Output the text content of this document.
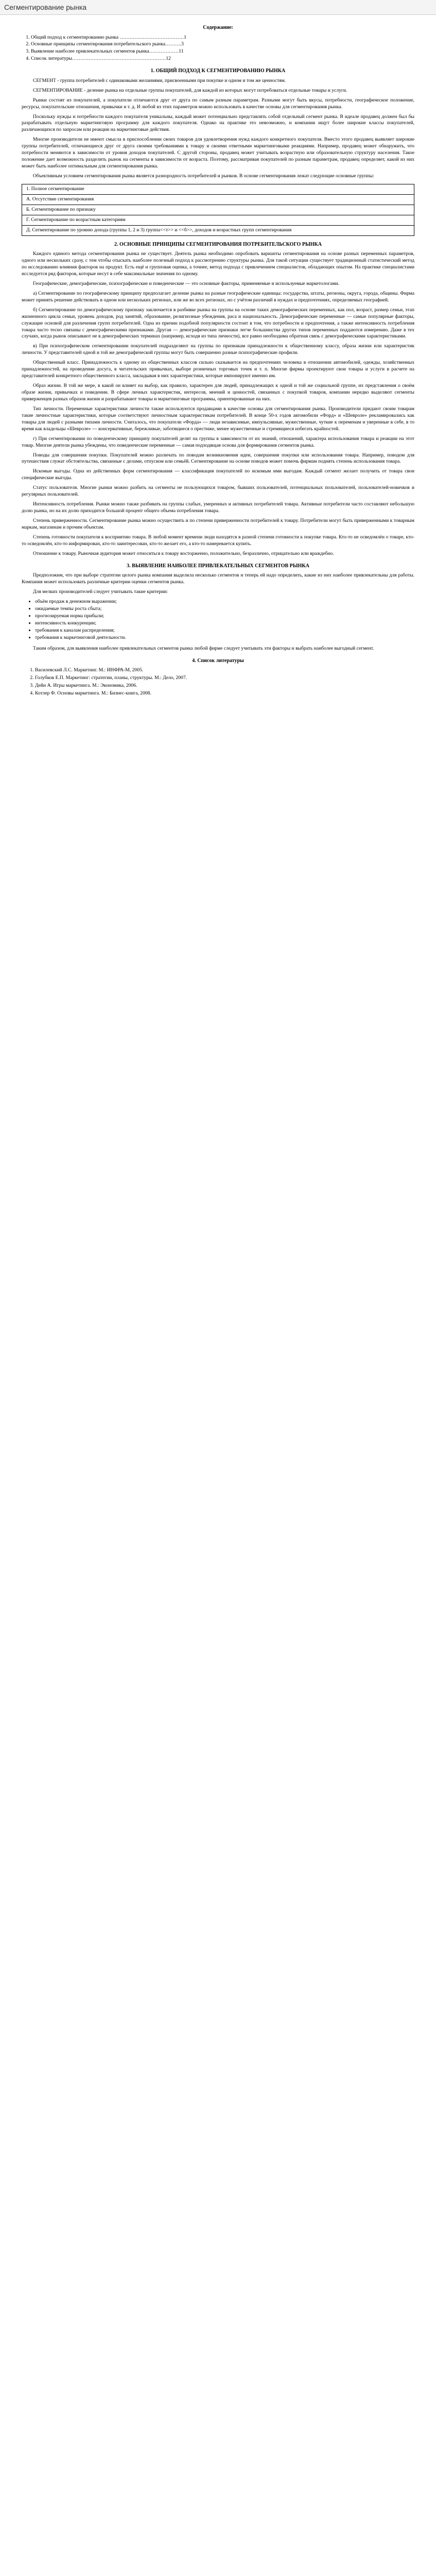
Сегментирование рынка
Содержание:
1. Общий подход к сегментированию рынка …………………………………1
2. Основные принципы сегментирования потребительского рынка……….3
3. Выявление наиболее привлекательных сегментов рынка………………11
4. Список литературы…………………………………………………12
1. ОБЩИЙ ПОДХОД К СЕГМЕНТИРОВАНИЮ РЫНКА

СЕГМЕНТ - группа потребителей с одинаковыми желаниями, присвоенными при покупке и одном и том же ценностям.

СЕГМЕНТИРОВАНИЕ - деление рынка на отдельные группы покупателей, для каждой из которых могут потребоваться отдельные товары и услуги.

Рынки состоят из покупателей, а покупатели отличаются друг от друга по самым разным параметрам. Разными могут быть вкусы, потребности, географическое положение, ресурсы, покупательские отношения, привычки и т. д. И любой из этих параметров можно использовать в качестве основы для сегментирования рынка.

Поскольку нужды и потребности каждого покупателя уникальны, каждый может потенциально представлять собой отдельный сегмент рынка. В идеале продавец должен был бы разрабатывать отдельную маркетинговую программу для каждого покупателя. Однако на практике это невозможно, и компании ищут более широкие классы покупателей, различающихся по запросам или реакции на маркетинговые действия.

Многие производители не имеют смысла в приспособлении своих товаров для удовлетворения нужд каждого конкретного покупателя. Вместо этого продавец выявляет широкие группы потребителей, отличающиеся друг от друга своими требованиями к товару и своими ответными маркетинговыми реакциями. Например, продавец может обнаружить, что потребности меняются в зависимости от уровня доходов покупателей. С другой стороны, продавец может учитывать возрастную или образовательную структуру населения. Такое положение дает возможность разделить рынок на сегменты в зависимости от возраста. Поэтому, рассматривая покупателей по разным параметрам, продавец определяет, какой из них может быть наиболее оптимальным для сегментирования рынка.

Объективным условием сегментирования рынка является разнородность потребителей и рынков. В основе сегментирования лежат следующие основные группы:

1. Полное сегментирование
А. Отсутствие сегментирования
Б. Сегментирование по признаку
Г. Сегментирование по возрастным категориям
Д. Сегментирование по уровню дохода (группы 1, 2 и 3) группа<<т>> и <<б>>, доходов и возрастных групп сегментирования
2. ОСНОВНЫЕ ПРИНЦИПЫ СЕГМЕНТИРОВАНИЯ ПОТРЕБИТЕЛЬСКОГО РЫНКА

Каждого единого метода сегментирования рынка не существует. Деятель рынка необходимо опробовать варианты сегментирования на основе разных переменных параметров, одного или нескольких сразу, с тем чтобы отыскать наиболее полезный подход к рассмотрению структуры рынка. Для такой ситуации существует традиционный статистический метод по исследованию влияния факторов на продукт. Есть ещё и групповая оценка, а точнее, метод подхода с привлечением специалистов, обладающих опытом. На практике специалистами исследуется ряд факторов, которые несут в себе максимальные значения по одному.

Географические, демографические, психографические и поведенческие — это основные факторы, применяемые и используемые маркетологами.

а) Сегментирование по географическому принципу предполагает деление рынка на разные географические единицы: государства, штаты, регионы, округа, города, общины. Фирма может принять решение действовать в одном или нескольких регионах, или же во всех регионах, но с учётом различий в нуждах и предпочтениях, определяемых географией.

б) Сегментирование по демографическому признаку заключается в разбивке рынка на группы на основе таких демографических переменных, как пол, возраст, размер семьи, этап жизненного цикла семьи, уровень доходов, род занятий, образование, религиозные убеждения, раса и национальность. Демографические переменные — самые популярные факторы, служащие основой для различения групп потребителей. Одна из причин подобной популярности состоит в том, что потребности и предпочтения, а также интенсивность потребления товара часто тесно связаны с демографическими признаками. Другая — демографические признаки легче большинства других типов переменных поддаются измерению. Даже в тех случаях, когда рынок описывают не в демографических терминах (например, исходя из типа личности), все равно необходима обратная связь с демографическими характеристиками.

в) При психографическом сегментировании покупателей подразделяют на группы по признакам принадлежности к общественному классу, образа жизни или характеристик личности. У представителей одной и той же демографической группы могут быть совершенно разные психографические профили.

Общественный класс. Принадлежность к одному из общественных классов сильно сказывается на предпочтениях человека в отношении автомобилей, одежды, хозяйственных принадлежностей, на проведении досуга, в читательских привычках, выборе розничных торговых точек и т. п. Многие фирмы проектируют свои товары и услуги в расчете на представителей конкретного общественного класса, закладывая в них характеристики, которые импонируют именно им.

Образ жизни. В той же мере, в какой он влияет на выбор, как правило, характерен для людей, принадлежащих к одной и той же социальной группе, их представления о своём образе жизни, привычках и поведении. В сфере личных характеристик, интересов, мнений и ценностей, связанных с покупкой товаров, компании нередко выделяют сегменты приверженцев разных образов жизни и разрабатывают товары и маркетинговые программы, ориентированные на них.

Тип личности. Переменные характеристики личности также используются продавцами в качестве основы для сегментирования рынка. Производители придают своим товарам такие личностные характеристики, которые соответствуют личностным характеристикам потребителей. В конце 50-х годов автомобили «Форд» и «Шевроле» рекламировались как товары для людей с разными типами личности. Считалось, что покупатели «Форда» — люди независимые, импульсивные, мужественные, чуткие к переменам и уверенные в себе, в то время как владельцы «Шевроле» — консервативные, бережливые, заботящиеся о престиже, менее мужественные и стремящиеся избегать крайностей.

г) При сегментировании по поведенческому принципу покупателей делят на группы в зависимости от их знаний, отношений, характера использования товара и реакции на этот товар. Многие деятели рынка убеждены, что поведенческие переменные — самая подходящая основа для формирования сегментов рынка.

Поводы для совершения покупки. Покупателей можно различать по поводам возникновения идеи, совершения покупки или использования товара. Например, поводом для путешествия служат обстоятельства, связанные с делами, отпуском или семьёй. Сегментирование на основе поводов может помочь фирмам поднять степень использования товара.

Искомые выгоды. Одна из действенных форм сегментирования — классификация покупателей по искомым ими выгодам. Каждый сегмент желает получить от товара свои специфические выгоды.

Статус пользователя. Многие рынки можно разбить на сегменты не пользующихся товаром, бывших пользователей, потенциальных пользователей, пользователей-новичков и регулярных пользователей.

Интенсивность потребления. Рынки можно также разбивать на группы слабых, умеренных и активных потребителей товара. Активные потребители часто составляют небольшую долю рынка, но на их долю приходится большой процент общего объема потребления товара.

Степень приверженности. Сегментирование рынка можно осуществить и по степени приверженности потребителей к товару. Потребители могут быть приверженными к товарным маркам, магазинам и прочим объектам.

Степень готовности покупателя к восприятию товара. В любой момент времени люди находятся в разной степени готовности к покупке товара. Кто-то не осведомлён о товаре, кто-то осведомлён, кто-то информирован, кто-то заинтересован, кто-то желает его, а кто-то намеревается купить.

Отношение к товару. Рыночная аудитория может относиться к товару восторженно, положительно, безразлично, отрицательно или враждебно.

3. ВЫЯВЛЕНИЕ НАИБОЛЕЕ ПРИВЛЕКАТЕЛЬНЫХ СЕГМЕНТОВ РЫНКА

Предположим, что при выборе стратегии целого рынка компания выделила несколько сегментов и теперь ей надо определить, какие из них наиболее привлекательны для работы. Компания может использовать различные критерии оценки сегментов рынка.

Для мелких производителей следует учитывать такие критерии:

• объём продаж в денежном выражении;
• ожидаемые темпы роста сбыта;
• прогнозируемая норма прибыли;
• интенсивность конкуренции;
• требования к каналам распределения;
• требования к маркетинговой деятельности.

Таким образом, для выявления наиболее привлекательных сегментов рынка любой фирме следует учитывать эти факторы и выбрать наиболее выгодный сегмент.

4. Список литературы
1. Василевский Л.С. Маркетинг. М.: ИНФРА-М, 2005.
2. Голубков Е.П. Маркетинг: стратегии, планы, структуры. М.: Дело, 2007.
3. Дейн А. Игры маркетинга. М.: Экономика, 2006.
4. Котлер Ф. Основы маркетинга. М.: Бизнес-книга, 2008.
